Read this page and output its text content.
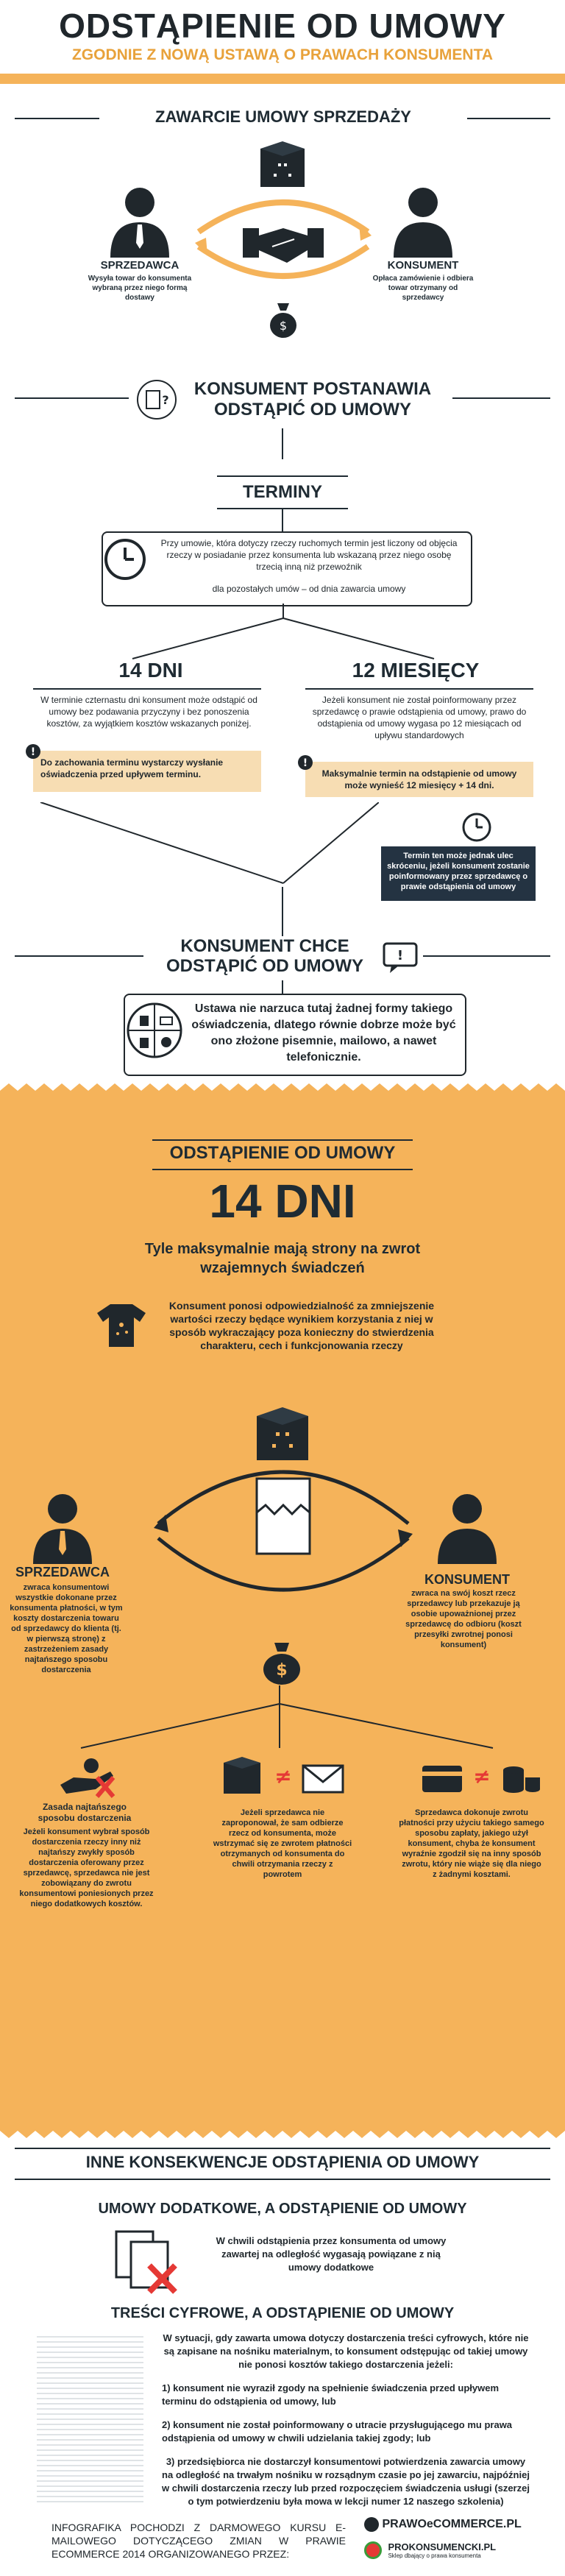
ODSTĄPIENIE OD UMOWY
ZGODNIE Z NOWĄ USTAWĄ O PRAWACH KONSUMENTA
ZAWARCIE UMOWY SPRZEDAŻY
SPRZEDAWCA
Wysyła towar do konsumenta wybraną przez niego formą dostawy
KONSUMENT
Opłaca zamówienie i odbiera towar otrzymany od sprzedawcy
$
?
KONSUMENT POSTANAWIA
ODSTĄPIĆ OD UMOWY
TERMINY
Przy umowie, która dotyczy rzeczy ruchomych termin jest liczony od objęcia rzeczy w posiadanie przez konsumenta lub wskazaną przez niego osobę trzecią inną niż przewoźnik
dla pozostałych umów – od dnia zawarcia umowy
14 DNI	12 MIESIĘCY
W terminie czternastu dni konsument może odstąpić od umowy bez podawania przyczyny i bez ponoszenia kosztów, za wyjątkiem kosztów wskazanych poniżej.
Jeżeli konsument nie został poinformowany przez sprzedawcę o prawie odstąpienia od umowy, prawo do odstąpienia od umowy wygasa po 12 miesiącach od upływu standardowych
Do zachowania terminu wystarczy wysłanie oświadczenia przed upływem terminu.
!
Maksymalnie termin na odstąpienie od umowy może wynieść 12 miesięcy + 14 dni.
!
Termin ten może jednak ulec skróceniu, jeżeli konsument zostanie poinformowany przez sprzedawcę o prawie odstąpienia od umowy
KONSUMENT CHCE
ODSTĄPIĆ OD UMOWY
!
Ustawa nie narzuca tutaj żadnej formy takiego oświadczenia, dlatego równie dobrze może być ono złożone pisemnie, mailowo, a nawet telefonicznie.
ODSTĄPIENIE OD UMOWY
14 DNI
Tyle maksymalnie mają strony na zwrot
wzajemnych świadczeń
Konsument ponosi odpowiedzialność za zmniejszenie wartości rzeczy będące wynikiem korzystania z niej w sposób wykraczający poza konieczny do stwierdzenia charakteru, cech i funkcjonowania rzeczy
SPRZEDAWCA
zwraca konsumentowi wszystkie dokonane przez konsumenta płatności, w tym koszty dostarczenia towaru od sprzedawcy do klienta (tj. w pierwszą stronę) z zastrzeżeniem zasady najtańszego sposobu dostarczenia
KONSUMENT
zwraca na swój koszt rzecz sprzedawcy lub przekazuje ją osobie upoważnionej przez sprzedawcę do odbioru (koszt przesyłki zwrotnej ponosi konsument)
$
Zasada najtańszego sposobu dostarczenia
Jeżeli konsument wybrał sposób dostarczenia rzeczy inny niż najtańszy zwykły sposób dostarczenia oferowany przez sprzedawcę, sprzedawca nie jest zobowiązany do zwrotu konsumentowi poniesionych przez niego dodatkowych kosztów.
≠
Jeżeli sprzedawca nie zaproponował, że sam odbierze rzecz od konsumenta, może wstrzymać się ze zwrotem płatności otrzymanych od konsumenta do chwili otrzymania rzeczy z powrotem
≠
Sprzedawca dokonuje zwrotu płatności przy użyciu takiego samego sposobu zapłaty, jakiego użył konsument, chyba że konsument wyraźnie zgodził się na inny sposób zwrotu, który nie wiąże się dla niego z żadnymi kosztami.
INNE KONSEKWENCJE ODSTĄPIENIA OD UMOWY
UMOWY DODATKOWE, A ODSTĄPIENIE OD UMOWY
W chwili odstąpienia przez konsumenta od umowy zawartej na odległość wygasają powiązane z nią umowy dodatkowe
TREŚCI CYFROWE, A ODSTĄPIENIE OD UMOWY
W sytuacji, gdy zawarta umowa dotyczy dostarczenia treści cyfrowych, które nie są zapisane na nośniku materialnym, to konsument odstępując od takiej umowy nie ponosi kosztów takiego dostarczenia jeżeli:
1) konsument nie wyraził zgody na spełnienie świadczenia przed upływem terminu do odstąpienia od umowy, lub
2) konsument nie został poinformowany o utracie przysługującego mu prawa odstąpienia od umowy w chwili udzielania takiej zgody; lub
3) przedsiębiorca nie dostarczył konsumentowi potwierdzenia zawarcia umowy na odległość na trwałym nośniku w rozsądnym czasie po jej zawarciu, najpóźniej w chwili dostarczenia rzeczy lub przed rozpoczęciem świadczenia usługi (szerzej o tym potwierdzeniu była mowa w lekcji numer 12 naszego szkolenia)
INFOGRAFIKA POCHODZI Z DARMOWEGO KURSU E-MAILOWEGO DOTYCZĄCEGO ZMIAN W PRAWIE ECOMMERCE 2014 ORGANIZOWANEGO PRZEZ:
PRAWOeCOMMERCE.PL

PROKONSUMENCKI.PL
Sklep dbający o prawa konsumenta
